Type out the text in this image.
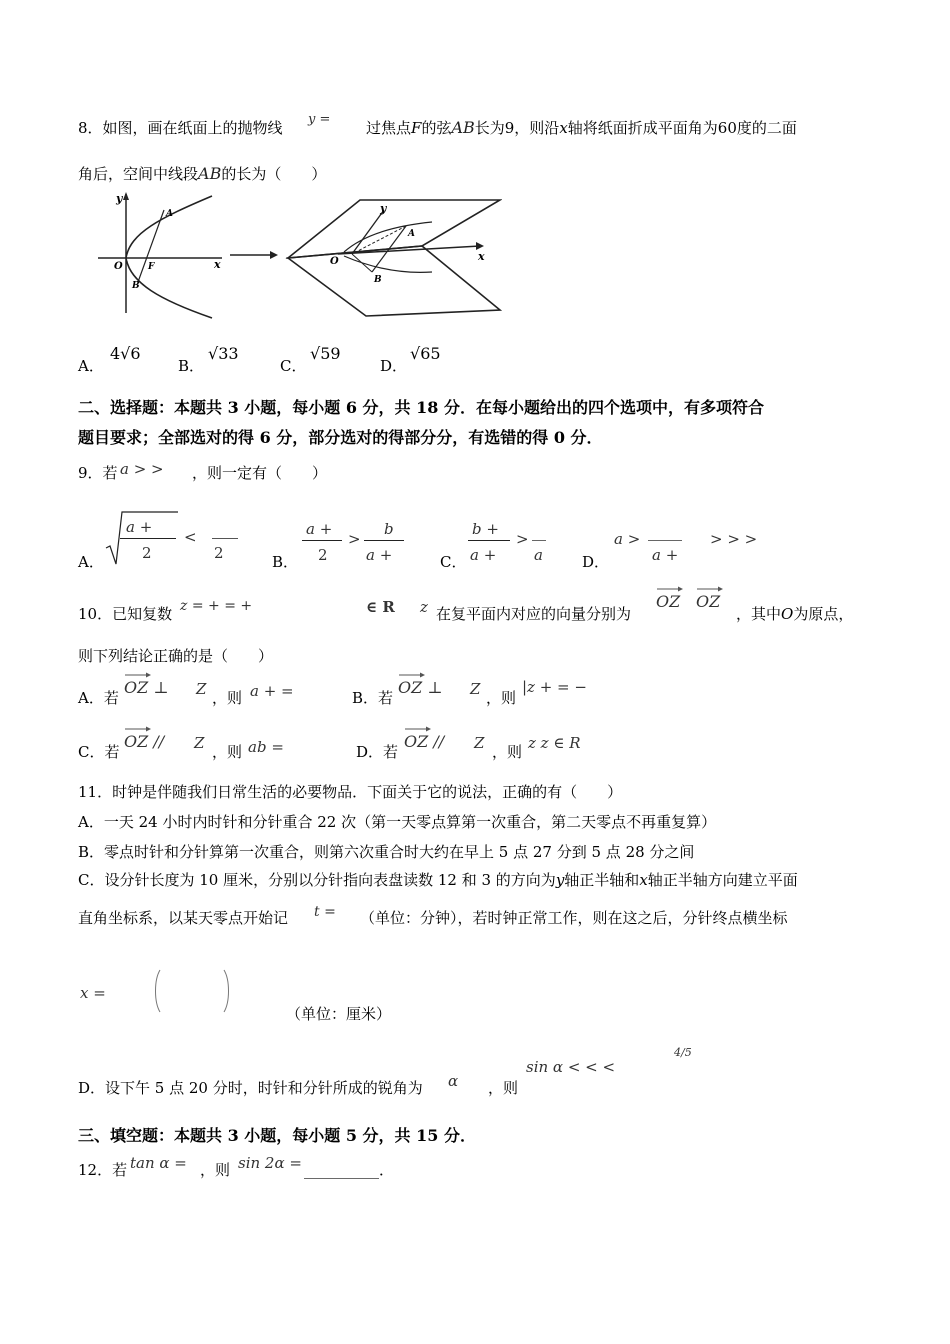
8．如图，画在纸面上的抛物线 y = 过焦点F的弦AB长为9，则沿x轴将纸面折成平面角为60度的二面
角后，空间中线段AB的长为（　　）
y
x
O
A
B
F
y
x
O
A
B
A．
4√6
B．
√33
C．
√59
D．
√65
二、选择题：本题共 3 小题，每小题 6 分，共 18 分．在每小题给出的四个选项中，有多项符合
题目要求；全部选对的得 6 分，部分选对的得部分分，有选错的得 0 分．
9．若 a > > ，则一定有（　　）
A．
a +
2
<
2	B．
a +
2
>
b
a +	C．
b +
a +
>
a	D．
a >
a +
> > >
10．已知复数 z = + = +	∈ R z 在复平面内对应的向量分别为
OZ OZ
，其中O为原点，
则下列结论正确的是（　　）
A．若
OZ ⊥ Z ，则 a + =	B．若
OZ ⊥ Z ，则
|z + = −
C．若
OZ // Z ，则 ab =	D．若
OZ // Z ，则 z z ∈ R
11．时钟是伴随我们日常生活的必要物品．下面关于它的说法，正确的有（　　）
A．一天 24 小时内时针和分针重合 22 次（第一天零点算第一次重合，第二天零点不再重复算）
B．零点时针和分针算第一次重合，则第六次重合时大约在早上 5 点 27 分到 5 点 28 分之间
C．设分针长度为 10 厘米，分别以分针指向表盘读数 12 和 3 的方向为y轴正半轴和x轴正半轴方向建立平面
直角坐标系，以某天零点开始记 t = （单位：分钟），若时钟正常工作，则在这之后，分针终点横坐标
x =
（单位：厘米）
D．设下午 5 点 20 分时，时针和分针所成的锐角为 α ，则
sin α < < <
4/5
三、填空题：本题共 3 小题，每小题 5 分，共 15 分．
12．若 tan α = ，则 sin 2α = __________．
